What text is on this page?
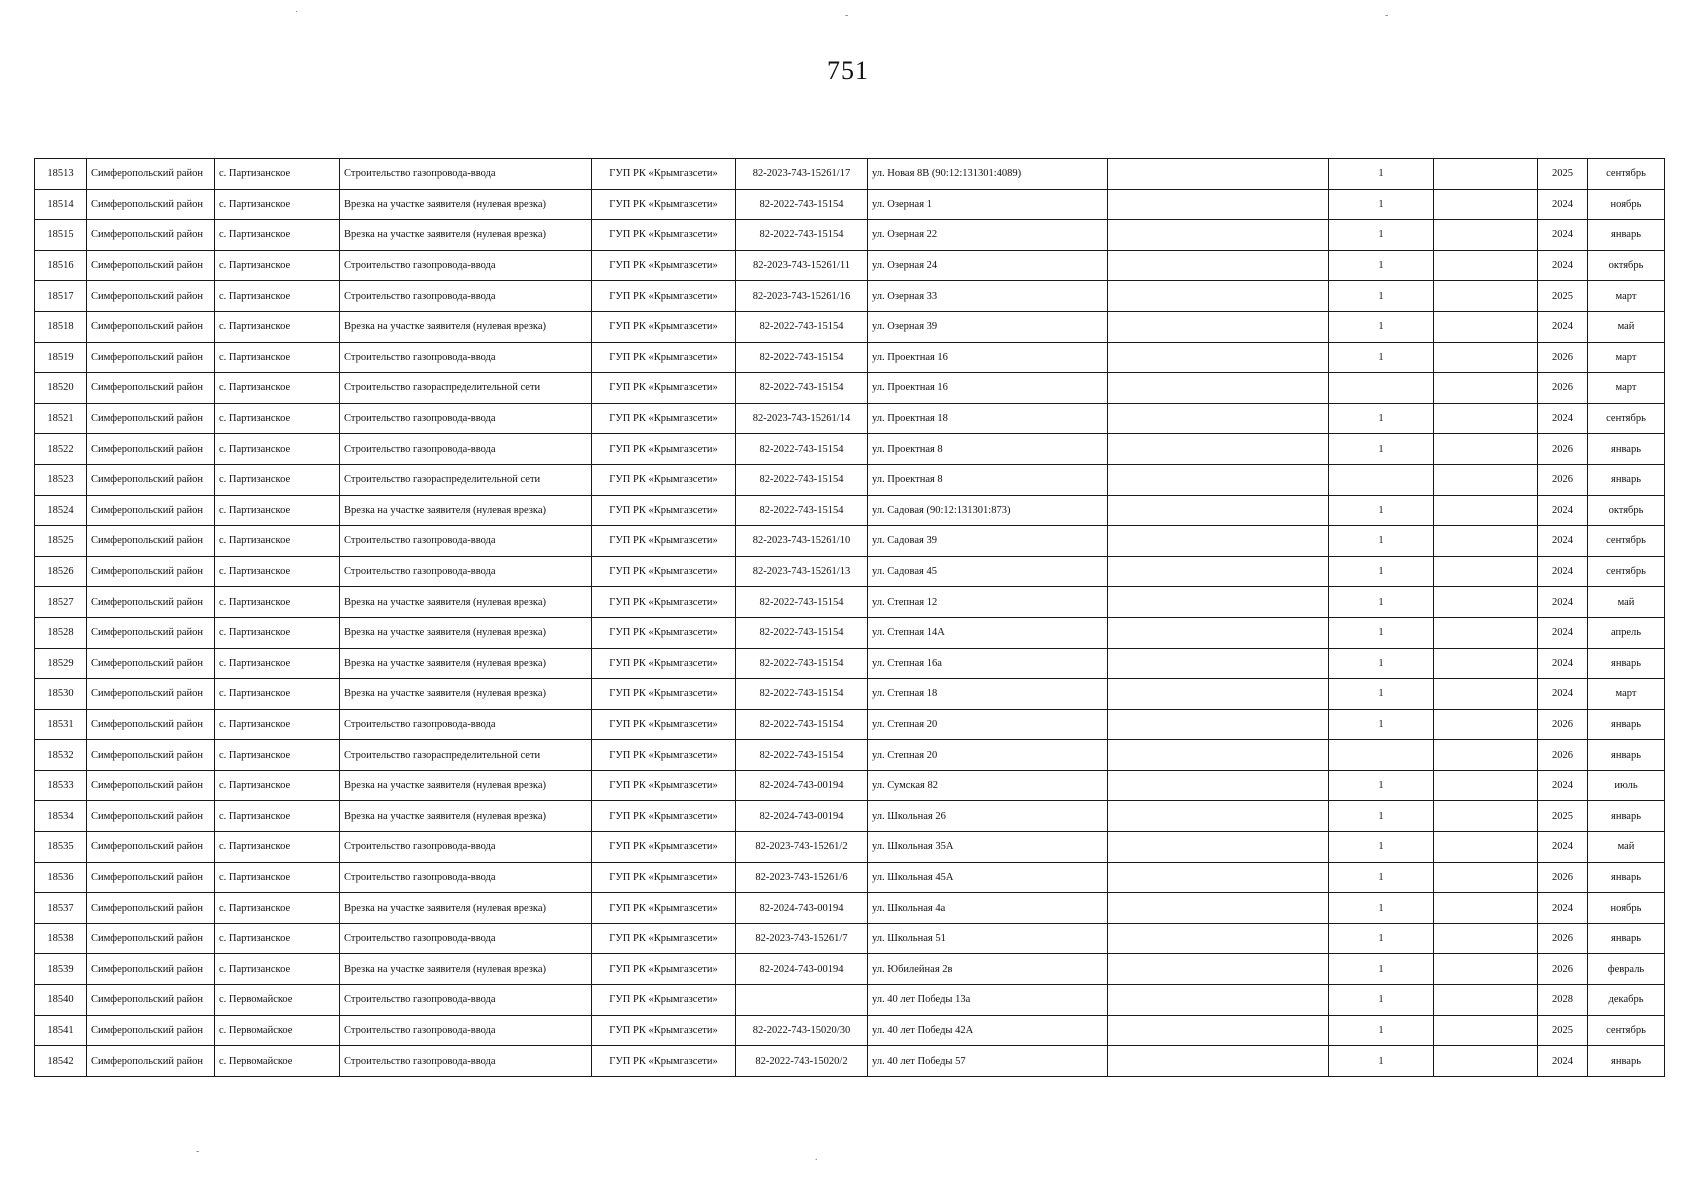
751
˙	-	-
-
.
18513	Симферопольский район	с. Партизанское	Строительство газопровода-ввода	ГУП РК «Крымгазсети»	82-2023-743-15261/17	ул. Новая 8В (90:12:131301:4089)		1		2025	сентябрь
18514	Симферопольский район	с. Партизанское	Врезка на участке заявителя (нулевая врезка)	ГУП РК «Крымгазсети»	82-2022-743-15154	ул. Озерная 1		1		2024	ноябрь
18515	Симферопольский район	с. Партизанское	Врезка на участке заявителя (нулевая врезка)	ГУП РК «Крымгазсети»	82-2022-743-15154	ул. Озерная 22		1		2024	январь
18516	Симферопольский район	с. Партизанское	Строительство газопровода-ввода	ГУП РК «Крымгазсети»	82-2023-743-15261/11	ул. Озерная 24		1		2024	октябрь
18517	Симферопольский район	с. Партизанское	Строительство газопровода-ввода	ГУП РК «Крымгазсети»	82-2023-743-15261/16	ул. Озерная 33		1		2025	март
18518	Симферопольский район	с. Партизанское	Врезка на участке заявителя (нулевая врезка)	ГУП РК «Крымгазсети»	82-2022-743-15154	ул. Озерная 39		1		2024	май
18519	Симферопольский район	с. Партизанское	Строительство газопровода-ввода	ГУП РК «Крымгазсети»	82-2022-743-15154	ул. Проектная 16		1		2026	март
18520	Симферопольский район	с. Партизанское	Строительство газораспределительной сети	ГУП РК «Крымгазсети»	82-2022-743-15154	ул. Проектная 16				2026	март
18521	Симферопольский район	с. Партизанское	Строительство газопровода-ввода	ГУП РК «Крымгазсети»	82-2023-743-15261/14	ул. Проектная 18		1		2024	сентябрь
18522	Симферопольский район	с. Партизанское	Строительство газопровода-ввода	ГУП РК «Крымгазсети»	82-2022-743-15154	ул. Проектная 8		1		2026	январь
18523	Симферопольский район	с. Партизанское	Строительство газораспределительной сети	ГУП РК «Крымгазсети»	82-2022-743-15154	ул. Проектная 8				2026	январь
18524	Симферопольский район	с. Партизанское	Врезка на участке заявителя (нулевая врезка)	ГУП РК «Крымгазсети»	82-2022-743-15154	ул. Садовая (90:12:131301:873)		1		2024	октябрь
18525	Симферопольский район	с. Партизанское	Строительство газопровода-ввода	ГУП РК «Крымгазсети»	82-2023-743-15261/10	ул. Садовая 39		1		2024	сентябрь
18526	Симферопольский район	с. Партизанское	Строительство газопровода-ввода	ГУП РК «Крымгазсети»	82-2023-743-15261/13	ул. Садовая 45		1		2024	сентябрь
18527	Симферопольский район	с. Партизанское	Врезка на участке заявителя (нулевая врезка)	ГУП РК «Крымгазсети»	82-2022-743-15154	ул. Степная 12		1		2024	май
18528	Симферопольский район	с. Партизанское	Врезка на участке заявителя (нулевая врезка)	ГУП РК «Крымгазсети»	82-2022-743-15154	ул. Степная 14А		1		2024	апрель
18529	Симферопольский район	с. Партизанское	Врезка на участке заявителя (нулевая врезка)	ГУП РК «Крымгазсети»	82-2022-743-15154	ул. Степная 16а		1		2024	январь
18530	Симферопольский район	с. Партизанское	Врезка на участке заявителя (нулевая врезка)	ГУП РК «Крымгазсети»	82-2022-743-15154	ул. Степная 18		1		2024	март
18531	Симферопольский район	с. Партизанское	Строительство газопровода-ввода	ГУП РК «Крымгазсети»	82-2022-743-15154	ул. Степная 20		1		2026	январь
18532	Симферопольский район	с. Партизанское	Строительство газораспределительной сети	ГУП РК «Крымгазсети»	82-2022-743-15154	ул. Степная 20				2026	январь
18533	Симферопольский район	с. Партизанское	Врезка на участке заявителя (нулевая врезка)	ГУП РК «Крымгазсети»	82-2024-743-00194	ул. Сумская 82		1		2024	июль
18534	Симферопольский район	с. Партизанское	Врезка на участке заявителя (нулевая врезка)	ГУП РК «Крымгазсети»	82-2024-743-00194	ул. Школьная 26		1		2025	январь
18535	Симферопольский район	с. Партизанское	Строительство газопровода-ввода	ГУП РК «Крымгазсети»	82-2023-743-15261/2	ул. Школьная 35А		1		2024	май
18536	Симферопольский район	с. Партизанское	Строительство газопровода-ввода	ГУП РК «Крымгазсети»	82-2023-743-15261/6	ул. Школьная 45А		1		2026	январь
18537	Симферопольский район	с. Партизанское	Врезка на участке заявителя (нулевая врезка)	ГУП РК «Крымгазсети»	82-2024-743-00194	ул. Школьная 4а		1		2024	ноябрь
18538	Симферопольский район	с. Партизанское	Строительство газопровода-ввода	ГУП РК «Крымгазсети»	82-2023-743-15261/7	ул. Школьная 51		1		2026	январь
18539	Симферопольский район	с. Партизанское	Врезка на участке заявителя (нулевая врезка)	ГУП РК «Крымгазсети»	82-2024-743-00194	ул. Юбилейная 2в		1		2026	февраль
18540	Симферопольский район	с. Первомайское	Строительство газопровода-ввода	ГУП РК «Крымгазсети»		ул. 40 лет Победы 13а		1		2028	декабрь
18541	Симферопольский район	с. Первомайское	Строительство газопровода-ввода	ГУП РК «Крымгазсети»	82-2022-743-15020/30	ул. 40 лет Победы 42А		1		2025	сентябрь
18542	Симферопольский район	с. Первомайское	Строительство газопровода-ввода	ГУП РК «Крымгазсети»	82-2022-743-15020/2	ул. 40 лет Победы 57		1		2024	январь
